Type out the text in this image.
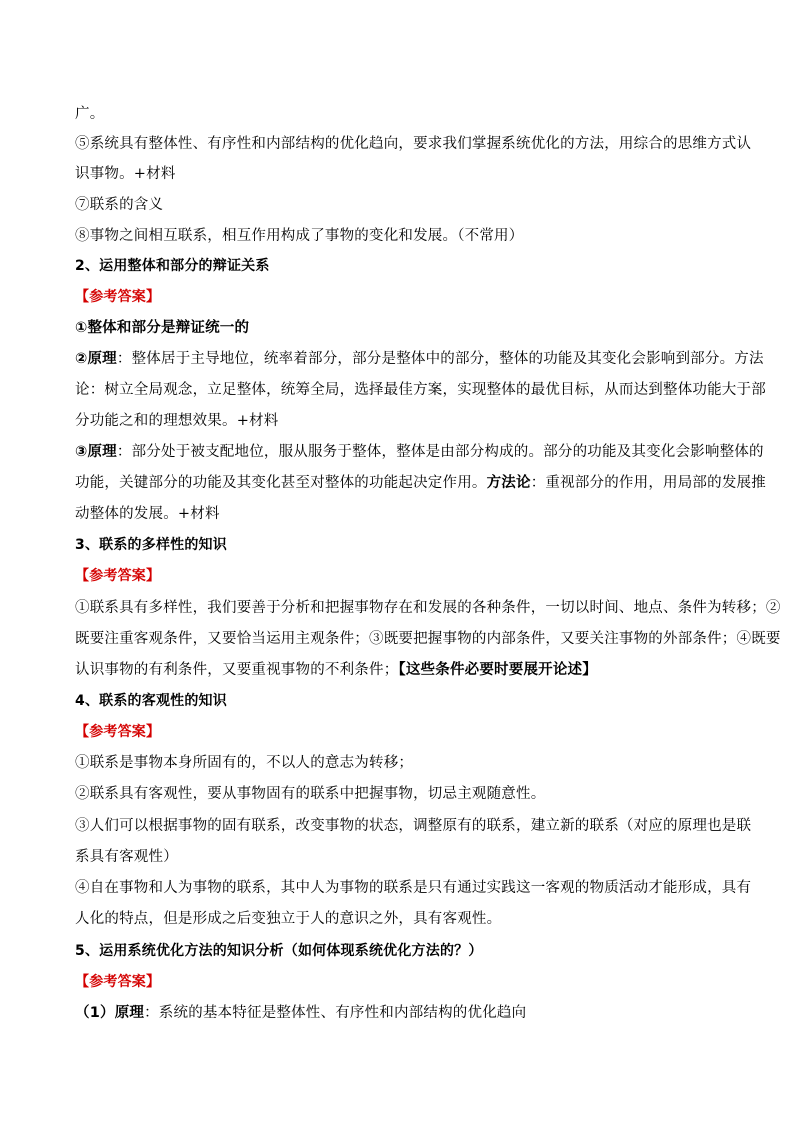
广。
⑤系统具有整体性、有序性和内部结构的优化趋向，要求我们掌握系统优化的方法，用综合的思维方式认
识事物。+材料
⑦联系的含义
⑧事物之间相互联系，相互作用构成了事物的变化和发展。（不常用）
2、运用整体和部分的辩证关系
【参考答案】
①整体和部分是辩证统一的
②原理：整体居于主导地位，统率着部分，部分是整体中的部分，整体的功能及其变化会影响到部分。方法
论：树立全局观念，立足整体，统筹全局，选择最佳方案，实现整体的最优目标，从而达到整体功能大于部
分功能之和的理想效果。+材料
③原理：部分处于被支配地位，服从服务于整体，整体是由部分构成的。部分的功能及其变化会影响整体的
功能，关键部分的功能及其变化甚至对整体的功能起决定作用。方法论：重视部分的作用，用局部的发展推
动整体的发展。+材料
3、联系的多样性的知识
【参考答案】
①联系具有多样性，我们要善于分析和把握事物存在和发展的各种条件，一切以时间、地点、条件为转移；②
既要注重客观条件，又要恰当运用主观条件；③既要把握事物的内部条件，又要关注事物的外部条件；④既要
认识事物的有利条件，又要重视事物的不利条件；【这些条件必要时要展开论述】
4、联系的客观性的知识
【参考答案】
①联系是事物本身所固有的，不以人的意志为转移；
②联系具有客观性，要从事物固有的联系中把握事物，切忌主观随意性。
③人们可以根据事物的固有联系，改变事物的状态，调整原有的联系，建立新的联系（对应的原理也是联
系具有客观性）
④自在事物和人为事物的联系，其中人为事物的联系是只有通过实践这一客观的物质活动才能形成，具有
人化的特点，但是形成之后变独立于人的意识之外，具有客观性。
5、运用系统优化方法的知识分析（如何体现系统优化方法的？）
【参考答案】
（1）原理：系统的基本特征是整体性、有序性和内部结构的优化趋向
